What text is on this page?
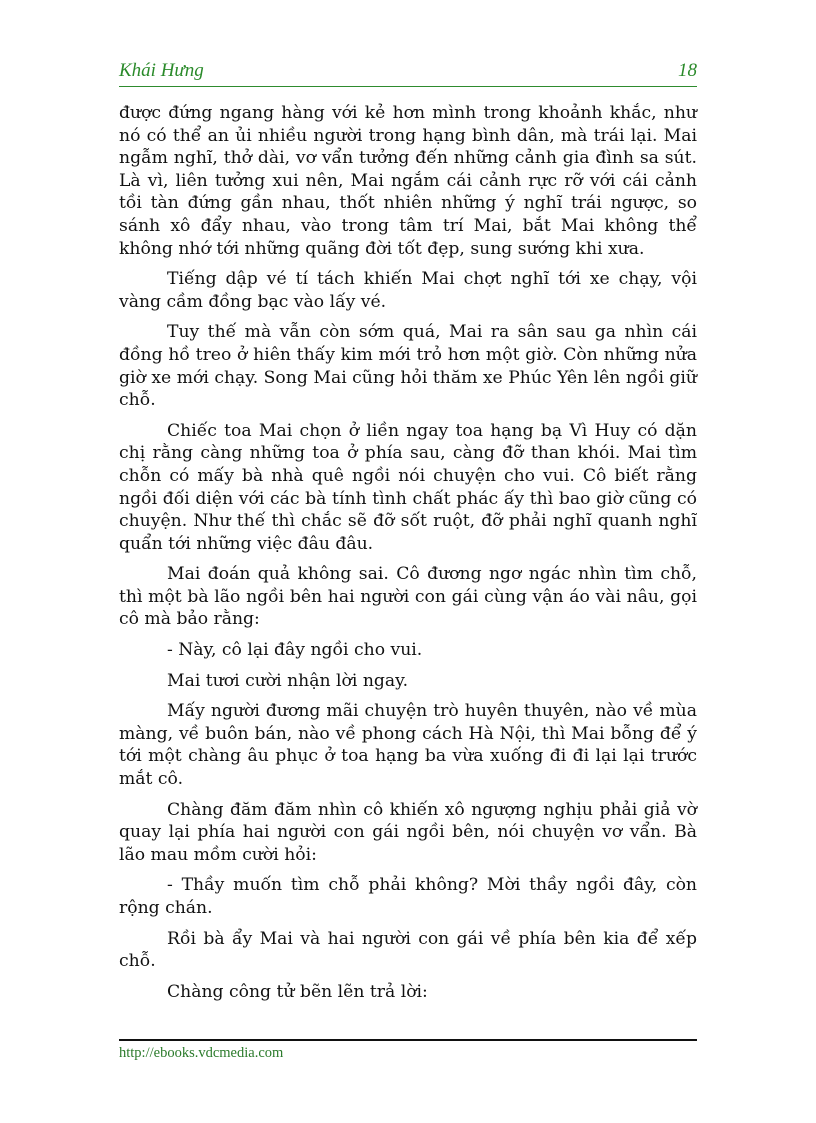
Khái Hưng	18

được đứng ngang hàng với kẻ hơn mình trong khoảnh khắc, như nó có thể an ủi nhiều người trong hạng bình dân, mà trái lại. Mai ngẫm nghĩ, thở dài, vơ vẩn tưởng đến những cảnh gia đình sa sút. Là vì, liên tưởng xui nên, Mai ngắm cái cảnh rực rỡ với cái cảnh tồi tàn đứng gần nhau, thốt nhiên những ý nghĩ trái ngược, so sánh xô đẩy nhau, vào trong tâm trí Mai, bắt Mai không thể không nhớ tới những quãng đời tốt đẹp, sung sướng khi xưa.

Tiếng dập vé tí tách khiến Mai chợt nghĩ tới xe chạy, vội vàng cầm đồng bạc vào lấy vé.

Tuy thế mà vẫn còn sớm quá, Mai ra sân sau ga nhìn cái đồng hồ treo ở hiên thấy kim mới trỏ hơn một giờ. Còn những nửa giờ xe mới chạy. Song Mai cũng hỏi thăm xe Phúc Yên lên ngồi giữ chỗ.

Chiếc toa Mai chọn ở liền ngay toa hạng bạ Vì Huy có dặn chị rằng càng những toa ở phía sau, càng đỡ than khói. Mai tìm chỗn có mấy bà nhà quê ngồi nói chuyện cho vui. Cô biết rằng ngồi đối diện với các bà tính tình chất phác ấy thì bao giờ cũng có chuyện. Như thế thì chắc sẽ đỡ sốt ruột, đỡ phải nghĩ quanh nghĩ quẩn tới những việc đâu đâu.

Mai đoán quả không sai. Cô đương ngơ ngác nhìn tìm chỗ, thì một bà lão ngồi bên hai người con gái cùng vận áo vài nâu, gọi cô mà bảo rằng:

- Này, cô lại đây ngồi cho vui.

Mai tươi cười nhận lời ngay.

Mấy người đương mãi chuyện trò huyên thuyên, nào về mùa màng, về buôn bán, nào về phong cách Hà Nội, thì Mai bỗng để ý tới một chàng âu phục ở toa hạng ba vừa xuống đi đi lại lại trước mắt cô.

Chàng đăm đăm nhìn cô khiến xô ngượng nghịu phải giả vờ quay lại phía hai người con gái ngồi bên, nói chuyện vơ vẩn. Bà lão mau mồm cười hỏi:

- Thầy muốn tìm chỗ phải không? Mời thầy ngồi đây, còn rộng chán.

Rồi bà ẩy Mai và hai người con gái về phía bên kia để xếp chỗ.

Chàng công tử bẽn lẽn trả lời:

http://ebooks.vdcmedia.com
